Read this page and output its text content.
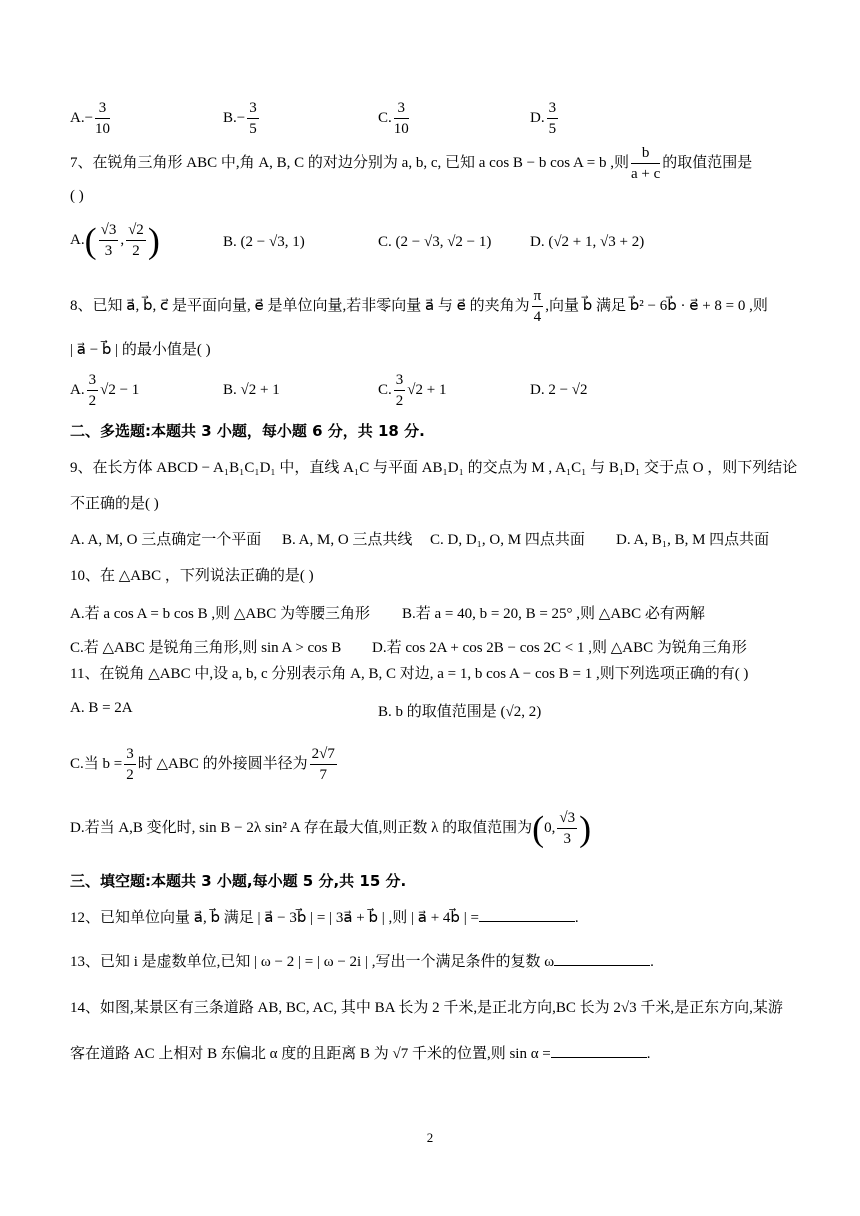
$A.- \frac{3}{10}$	$B.- \frac{3}{5}$	C. $\frac{3}{10}$	D. $\frac{3}{5}$
7、在锐角三角形 ABC 中,角 A, B, C 的对边分别为 a, b, c, 已知 a cos B − b cos A = b ,则 $\frac{b}{a + c}$ 的取值范围是
( )
$A.( \frac{√3}{3}$ , $\frac{√2}{2}$ )	B. (2 − √3, 1)	C. (2 − √3, √2 − 1)	D. (√2 + 1, √3 + 2)
8、已知 a⃗, b⃗, c⃗ 是平面向量, e⃗ 是单位向量,若非零向量 a⃗ 与 e⃗ 的夹角为 $\frac{\pi}{4}$ ,向量 b⃗ 满足 b⃗² − 6b⃗ · e⃗ + 8 = 0 ,则
| a⃗ − b⃗ | 的最小值是( )
A. $\frac{3}{2} √2 - 1$	B. √2 + 1	C. $\frac{3}{2} √2 + 1$	D. 2 − √2
二、多选题:本题共 3 小题，每小题 6 分，共 18 分.
9、在长方体 ABCD − A₁B₁C₁D₁ 中，直线 A₁C 与平面 AB₁D₁ 的交点为 M , A₁C₁ 与 B₁D₁ 交于点 O ，则下列结论
不正确的是( )
A. A, M, O 三点确定一个平面 B. A, M, O 三点共线 C. D, D₁, O, M 四点共面 D. A, B₁, B, M 四点共面
10、在 △ABC ，下列说法正确的是( )
A.若 a cos A = b cos B ,则 △ABC 为等腰三角形 B.若 a = 40, b = 20, B = 25° ,则 △ABC 必有两解
C.若 △ABC 是锐角三角形,则 sin A > cos B D.若 cos 2A + cos 2B − cos 2C < 1 ,则 △ABC 为锐角三角形
11、在锐角 △ABC 中,设 a, b, c 分别表示角 A, B, C 对边, a = 1, b cos A − cos B = 1 ,则下列选项正确的有( )
A. B = 2A	B. b 的取值范围是 (√2, 2)
C.当 $b = \frac{3}{2}$ 时 △ABC 的外接圆半径为 $\frac{2√7}{7}$
D.若当 A,B 变化时, sin B − 2λ sin² A 存在最大值,则正数 λ 的取值范围为(0, $\frac{√3}{3}$ )
三、填空题:本题共 3 小题,每小题 5 分,共 15 分.
12、已知单位向量 a⃗, b⃗ 满足 | a⃗ − 3b⃗ | = | 3a⃗ + b⃗ | ,则 | a⃗ + 4b⃗ | =	.
13、已知 i 是虚数单位,已知 | ω − 2 | = | ω − 2i | ,写出一个满足条件的复数 ω	.
14、如图,某景区有三条道路 AB, BC, AC, 其中 BA 长为 2 千米,是正北方向,BC 长为 2√3 千米,是正东方向,某游
客在道路 AC 上相对 B 东偏北 α 度的且距离 B 为 √7 千米的位置,则 sin α =	.
2
